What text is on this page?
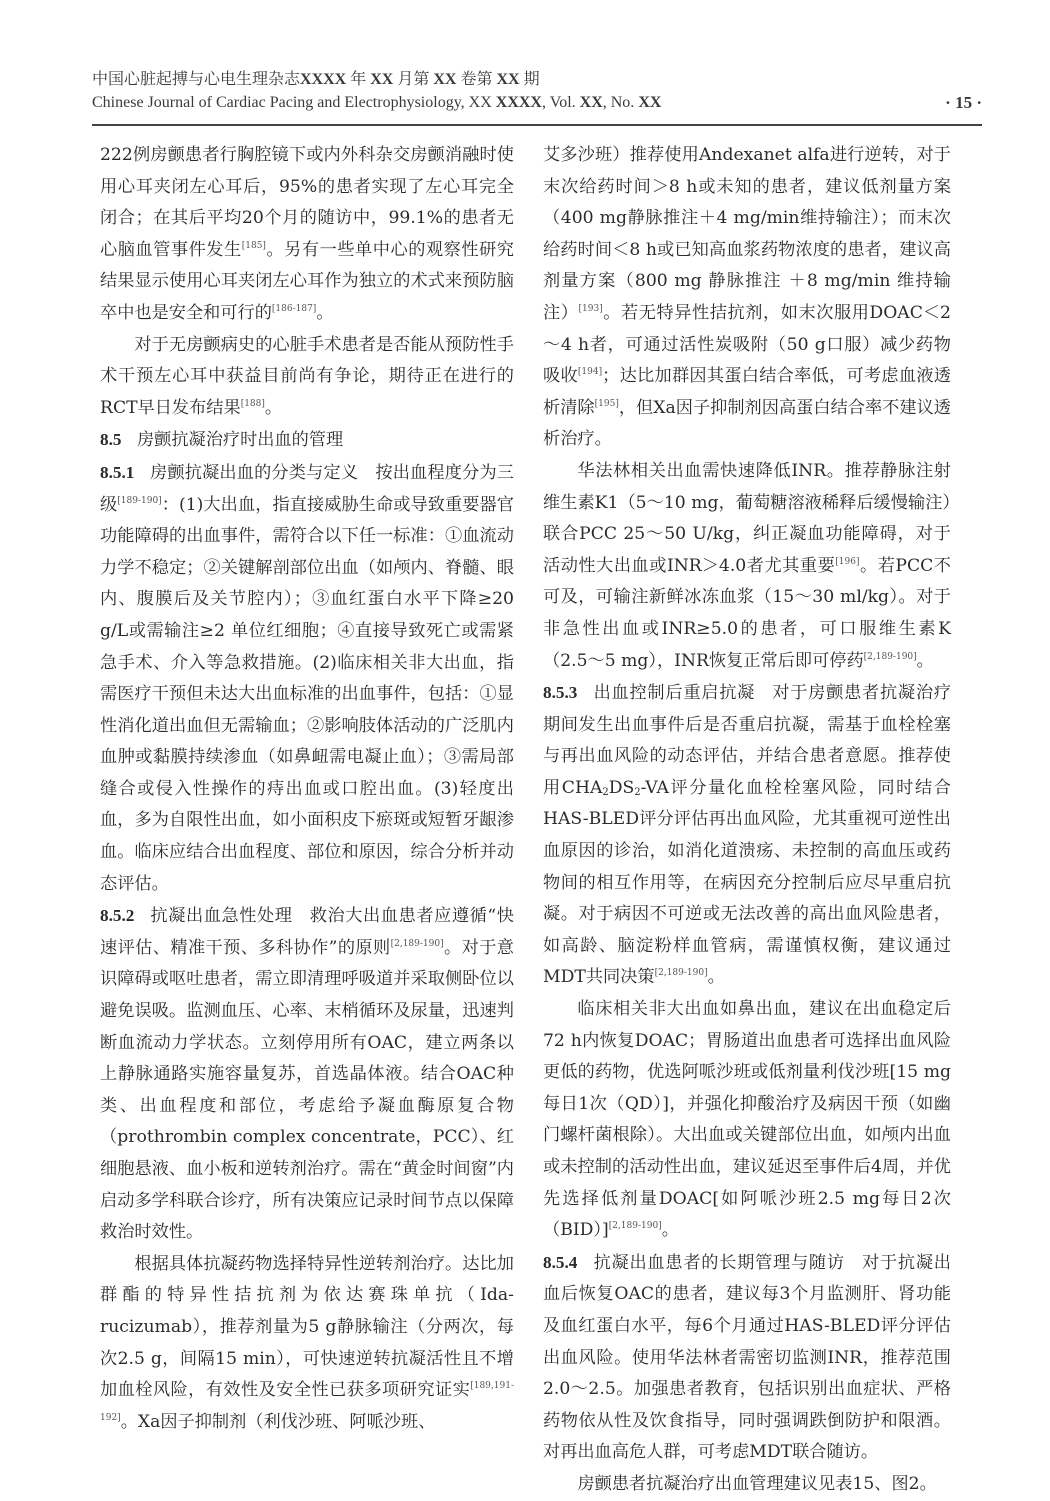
中国心脏起搏与心电生理杂志XXXX 年 XX 月第 XX 卷第 XX 期
Chinese Journal of Cardiac Pacing and Electrophysiology, XX XXXX, Vol. XX, No. XX	· 15 ·

222例房颤患者行胸腔镜下或内外科杂交房颤消融时使用心耳夹闭左心耳后，95%的患者实现了左心耳完全闭合；在其后平均20个月的随访中，99.1%的患者无心脑血管事件发生[185]。另有一些单中心的观察性研究结果显示使用心耳夹闭左心耳作为独立的术式来预防脑卒中也是安全和可行的[186-187]。

对于无房颤病史的心脏手术患者是否能从预防性手术干预左心耳中获益目前尚有争论，期待正在进行的RCT早日发布结果[188]。

8.5 房颤抗凝治疗时出血的管理

8.5.1 房颤抗凝出血的分类与定义 按出血程度分为三级[189-190]：(1)大出血，指直接威胁生命或导致重要器官功能障碍的出血事件，需符合以下任一标准：①血流动力学不稳定；②关键解剖部位出血（如颅内、脊髓、眼内、腹膜后及关节腔内）；③血红蛋白水平下降≥20 g/L或需输注≥2 单位红细胞；④直接导致死亡或需紧急手术、介入等急救措施。(2)临床相关非大出血，指需医疗干预但未达大出血标准的出血事件，包括：①显性消化道出血但无需输血；②影响肢体活动的广泛肌内血肿或黏膜持续渗血（如鼻衄需电凝止血）；③需局部缝合或侵入性操作的痔出血或口腔出血。(3)轻度出血，多为自限性出血，如小面积皮下瘀斑或短暂牙龈渗血。临床应结合出血程度、部位和原因，综合分析并动态评估。

8.5.2 抗凝出血急性处理 救治大出血患者应遵循“快速评估、精准干预、多科协作”的原则[2,189-190]。对于意识障碍或呕吐患者，需立即清理呼吸道并采取侧卧位以避免误吸。监测血压、心率、末梢循环及尿量，迅速判断血流动力学状态。立刻停用所有OAC，建立两条以上静脉通路实施容量复苏，首选晶体液。结合OAC种类、出血程度和部位，考虑给予凝血酶原复合物（prothrombin complex concentrate，PCC）、红细胞悬液、血小板和逆转剂治疗。需在“黄金时间窗”内启动多学科联合诊疗，所有决策应记录时间节点以保障救治时效性。

根据具体抗凝药物选择特异性逆转剂治疗。达比加群酯的特异性拮抗剂为依达赛珠单抗（Ida-rucizumab），推荐剂量为5 g静脉输注（分两次，每次2.5 g，间隔15 min），可快速逆转抗凝活性且不增加血栓风险，有效性及安全性已获多项研究证实[189,191-192]。Ⅹa因子抑制剂（利伐沙班、阿哌沙班、

艾多沙班）推荐使用Andexanet alfa进行逆转，对于末次给药时间＞8 h或未知的患者，建议低剂量方案（400 mg静脉推注＋4 mg/min维持输注）；而末次给药时间＜8 h或已知高血浆药物浓度的患者，建议高剂量方案（800 mg 静脉推注 ＋8 mg/min 维持输注）[193]。若无特异性拮抗剂，如末次服用DOAC＜2～4 h者，可通过活性炭吸附（50 g口服）减少药物吸收[194]；达比加群因其蛋白结合率低，可考虑血液透析清除[195]，但Xa因子抑制剂因高蛋白结合率不建议透析治疗。

华法林相关出血需快速降低INR。推荐静脉注射维生素K1（5～10 mg，葡萄糖溶液稀释后缓慢输注）联合PCC 25～50 U/kg，纠正凝血功能障碍，对于活动性大出血或INR＞4.0者尤其重要[196]。若PCC不可及，可输注新鲜冰冻血浆（15～30 ml/kg）。对于非急性出血或INR≥5.0的患者，可口服维生素K（2.5～5 mg），INR恢复正常后即可停药[2,189-190]。

8.5.3 出血控制后重启抗凝 对于房颤患者抗凝治疗期间发生出血事件后是否重启抗凝，需基于血栓栓塞与再出血风险的动态评估，并结合患者意愿。推荐使用$CHA_2DS_2-VA$评分量化血栓栓塞风险，同时结合HAS-BLED评分评估再出血风险，尤其重视可逆性出血原因的诊治，如消化道溃疡、未控制的高血压或药物间的相互作用等，在病因充分控制后应尽早重启抗凝。对于病因不可逆或无法改善的高出血风险患者，如高龄、脑淀粉样血管病，需谨慎权衡，建议通过MDT共同决策[2,189-190]。

临床相关非大出血如鼻出血，建议在出血稳定后72 h内恢复DOAC；胃肠道出血患者可选择出血风险更低的药物，优选阿哌沙班或低剂量利伐沙班[15 mg每日1次（QD）]，并强化抑酸治疗及病因干预（如幽门螺杆菌根除）。大出血或关键部位出血，如颅内出血或未控制的活动性出血，建议延迟至事件后4周，并优先选择低剂量DOAC[如阿哌沙班2.5 mg每日2次（BID）][2,189-190]。

8.5.4 抗凝出血患者的长期管理与随访 对于抗凝出血后恢复OAC的患者，建议每3个月监测肝、肾功能及血红蛋白水平，每6个月通过HAS-BLED评分评估出血风险。使用华法林者需密切监测INR，推荐范围2.0～2.5。加强患者教育，包括识别出血症状、严格药物依从性及饮食指导，同时强调跌倒防护和限酒。对再出血高危人群，可考虑MDT联合随访。

房颤患者抗凝治疗出血管理建议见表15、图2。
